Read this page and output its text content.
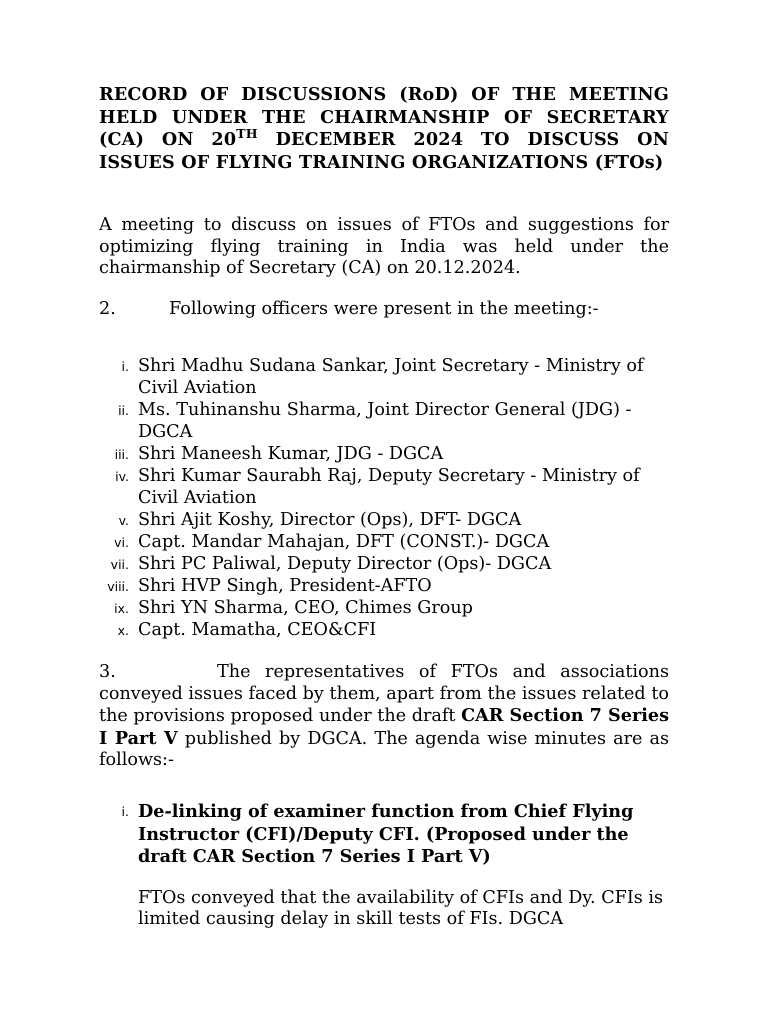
RECORD OF DISCUSSIONS (RoD) OF THE MEETING HELD UNDER THE CHAIRMANSHIP OF SECRETARY (CA) ON 20TH DECEMBER 2024 TO DISCUSS ON ISSUES OF FLYING TRAINING ORGANIZATIONS (FTOs)
A meeting to discuss on issues of FTOs and suggestions for optimizing flying training in India was held under the chairmanship of Secretary (CA) on 20.12.2024.
2.	Following officers were present in the meeting:-
i. Shri Madhu Sudana Sankar, Joint Secretary - Ministry of Civil Aviation
ii. Ms. Tuhinanshu Sharma, Joint Director General (JDG) - DGCA
iii. Shri Maneesh Kumar, JDG - DGCA
iv. Shri Kumar Saurabh Raj, Deputy Secretary - Ministry of Civil Aviation
v. Shri Ajit Koshy, Director (Ops), DFT- DGCA
vi. Capt. Mandar Mahajan, DFT (CONST.)- DGCA
vii. Shri PC Paliwal, Deputy Director (Ops)- DGCA
viii. Shri HVP Singh, President-AFTO
ix. Shri YN Sharma, CEO, Chimes Group
x. Capt. Mamatha, CEO&CFI
3.	The representatives of FTOs and associations conveyed issues faced by them, apart from the issues related to the provisions proposed under the draft CAR Section 7 Series I Part V published by DGCA. The agenda wise minutes are as follows:-
i. De-linking of examiner function from Chief Flying Instructor (CFI)/Deputy CFI. (Proposed under the draft CAR Section 7 Series I Part V)
FTOs conveyed that the availability of CFIs and Dy. CFIs is limited causing delay in skill tests of FIs. DGCA
